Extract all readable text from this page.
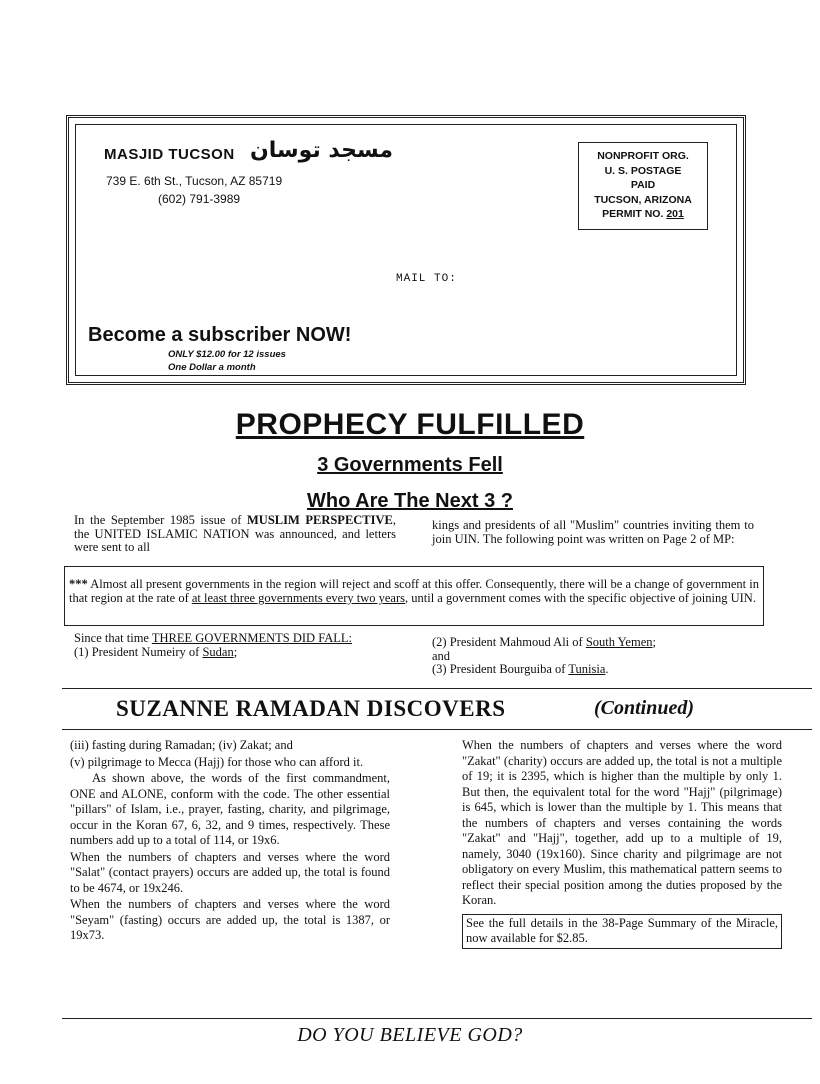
MASJID TUCSON مسجد توسان
739 E. 6th St., Tucson, AZ 85719
(602) 791-3989
NONPROFIT ORG.
U. S. POSTAGE
PAID
TUCSON, ARIZONA
PERMIT NO. 201
MAIL TO:
Become a subscriber NOW!
ONLY $12.00 for 12 issues
One Dollar a month
PROPHECY FULFILLED
3 Governments Fell
Who Are The Next 3 ?
In the September 1985 issue of MUSLIM PERSPECTIVE, the UNITED ISLAMIC NATION was announced, and letters were sent to all
kings and presidents of all "Muslim" countries inviting them to join UIN. The following point was written on Page 2 of MP:
*** Almost all present governments in the region will reject and scoff at this offer. Consequently, there will be a change of government in that region at the rate of at least three governments every two years, until a government comes with the specific objective of joining UIN.
Since that time THREE GOVERNMENTS DID FALL:
(1) President Numeiry of Sudan;
(2) President Mahmoud Ali of South Yemen;
and
(3) President Bourguiba of Tunisia.
SUZANNE RAMADAN DISCOVERS	(Continued)

(iii) fasting during Ramadan; (iv) Zakat; and

(v) pilgrimage to Mecca (Hajj) for those who can afford it.

As shown above, the words of the first commandment, ONE and ALONE, conform with the code. The other essential "pillars" of Islam, i.e., prayer, fasting, charity, and pilgrimage, occur in the Koran 67, 6, 32, and 9 times, respectively. These numbers add up to a total of 114, or 19x6.

When the numbers of chapters and verses where the word "Salat" (contact prayers) occurs are added up, the total is found to be 4674, or 19x246.

When the numbers of chapters and verses where the word "Seyam" (fasting) occurs are added up, the total is 1387, or 19x73.

When the numbers of chapters and verses where the word "Zakat" (charity) occurs are added up, the total is not a multiple of 19; it is 2395, which is higher than the multiple by only 1. But then, the equivalent total for the word "Hajj" (pilgrimage) is 645, which is lower than the multiple by 1. This means that the numbers of chapters and verses containing the words "Zakat" and "Hajj", together, add up to a multiple of 19, namely, 3040 (19x160). Since charity and pilgrimage are not obligatory on every Muslim, this mathematical pattern seems to reflect their special position among the duties proposed by the Koran.

See the full details in the 38-Page Summary of the Miracle, now available for $2.85.
DO YOU BELIEVE GOD?
